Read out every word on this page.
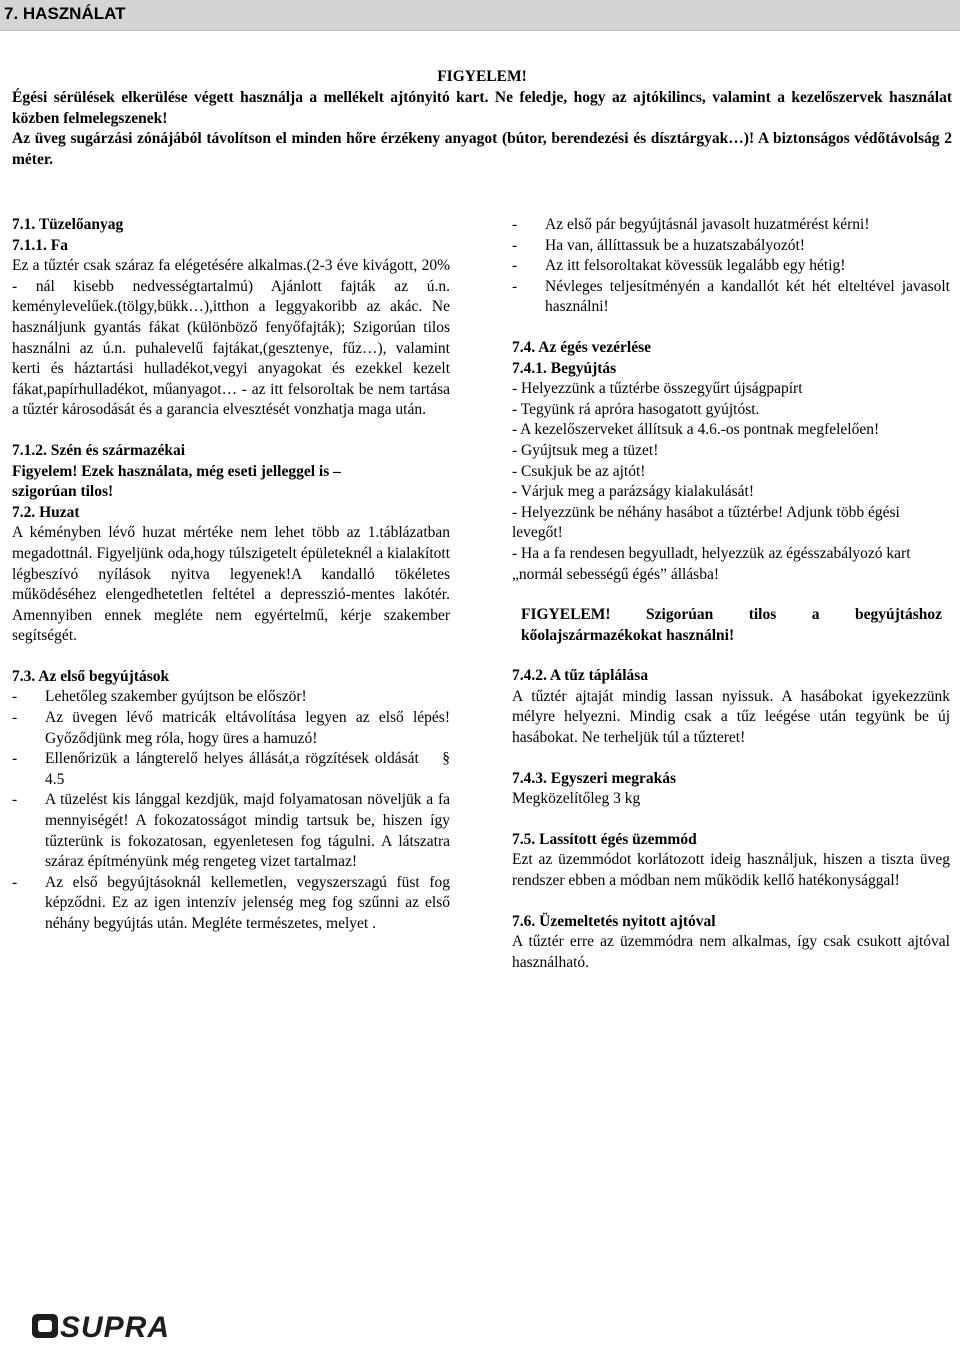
7. HASZNÁLAT
FIGYELEM!

Égési sérülések elkerülése végett használja a mellékelt ajtónyitó kart. Ne feledje, hogy az ajtókilincs, valamint a kezelőszervek használat közben felmelegszenek!

Az üveg sugárzási zónájából távolítson el minden hőre érzékeny anyagot (bútor, berendezési és dísztárgyak…)! A biztonságos védőtávolság 2 méter.

7.1. Tüzelőanyag
7.1.1. Fa

Ez a tűztér csak száraz fa elégetésére alkalmas.(2-3 éve kivágott, 20% - nál kisebb nedvességtartalmú) Ajánlott fajták az ú.n. keménylevelűek.(tölgy,bükk…),itthon a leggyakoribb az akác. Ne használjunk gyantás fákat (különböző fenyőfajták); Szigorúan tilos használni az ú.n. puhalevelű fajtákat,(gesztenye, fűz…), valamint kerti és háztartási hulladékot,vegyi anyagokat és ezekkel kezelt fákat,papírhulladékot, műanyagot… - az itt felsoroltak be nem tartása a tűztér károsodását és a garancia elvesztését vonzhatja maga után.

7.1.2. Szén és származékai
Figyelem! Ezek használata, még eseti jelleggel is –
szigorúan tilos!
7.2. Huzat

A kéményben lévő huzat mértéke nem lehet több az 1.táblázatban megadottnál. Figyeljünk oda,hogy túlszigetelt épületeknél a kialakított légbeszívó nyílások nyitva legyenek!A kandalló tökéletes működéséhez elengedhetetlen feltétel a depresszió-mentes lakótér. Amennyiben ennek megléte nem egyértelmű, kérje szakember segítségét.

7.3. Az első begyújtások
-	Lehetőleg szakember gyújtson be először!
-	Az üvegen lévő matricák eltávolítása legyen az első lépés! Győződjünk meg róla, hogy üres a hamuzó!
-	Ellenőrizük a lángterelő helyes állását,a rögzítések oldását    § 4.5
-	A tüzelést kis lánggal kezdjük, majd folyamatosan növeljük a fa mennyiségét! A fokozatosságot mindig tartsuk be, hiszen így tűzterünk is fokozatosan, egyenletesen fog tágulni. A látszatra száraz építményünk még rengeteg vizet tartalmaz!
-	Az első begyújtásoknál kellemetlen, vegyszerszagú füst fog képződni. Ez az igen intenzív jelenség meg fog szűnni az első néhány begyújtás után. Megléte természetes, melyet .
-	Az első pár begyújtásnál javasolt huzatmérést kérni!
-	Ha van, állíttassuk be a huzatszabályozót!
-	Az itt felsoroltakat kövessük legalább egy hétig!
-	Névleges teljesítményén a kandallót két hét elteltével javasolt használni!
7.4. Az égés vezérlése
7.4.1. Begyújtás
- Helyezzünk a tűztérbe összegyűrt újságpapírt
- Tegyünk rá apróra hasogatott gyújtóst.
- A kezelőszerveket állítsuk a 4.6.-os pontnak megfelelően!
- Gyújtsuk meg a tüzet!
- Csukjuk be az ajtót!
- Várjuk meg a parázságy kialakulását!
- Helyezzünk be néhány hasábot a tűztérbe! Adjunk több égési levegőt!
- Ha a fa rendesen begyulladt, helyezzük az égésszabályozó kart „normál sebességű égés” állásba!
FIGYELEM! Szigorúan tilos a begyújtáshoz
kőolajszármazékokat használni!
7.4.2. A tűz táplálása

A tűztér ajtaját mindig lassan nyissuk. A hasábokat igyekezzünk mélyre helyezni. Mindig csak a tűz leégése után tegyünk be új hasábokat. Ne terheljük túl a tűzteret!

7.4.3. Egyszeri megrakás
Megközelítőleg 3 kg
7.5. Lassított égés üzemmód

Ezt az üzemmódot korlátozott ideig használjuk, hiszen a tiszta üveg rendszer ebben a módban nem működik kellő hatékonysággal!

7.6. Üzemeltetés nyitott ajtóval

A tűztér erre az üzemmódra nem alkalmas, így csak csukott ajtóval használható.

SUPRA
